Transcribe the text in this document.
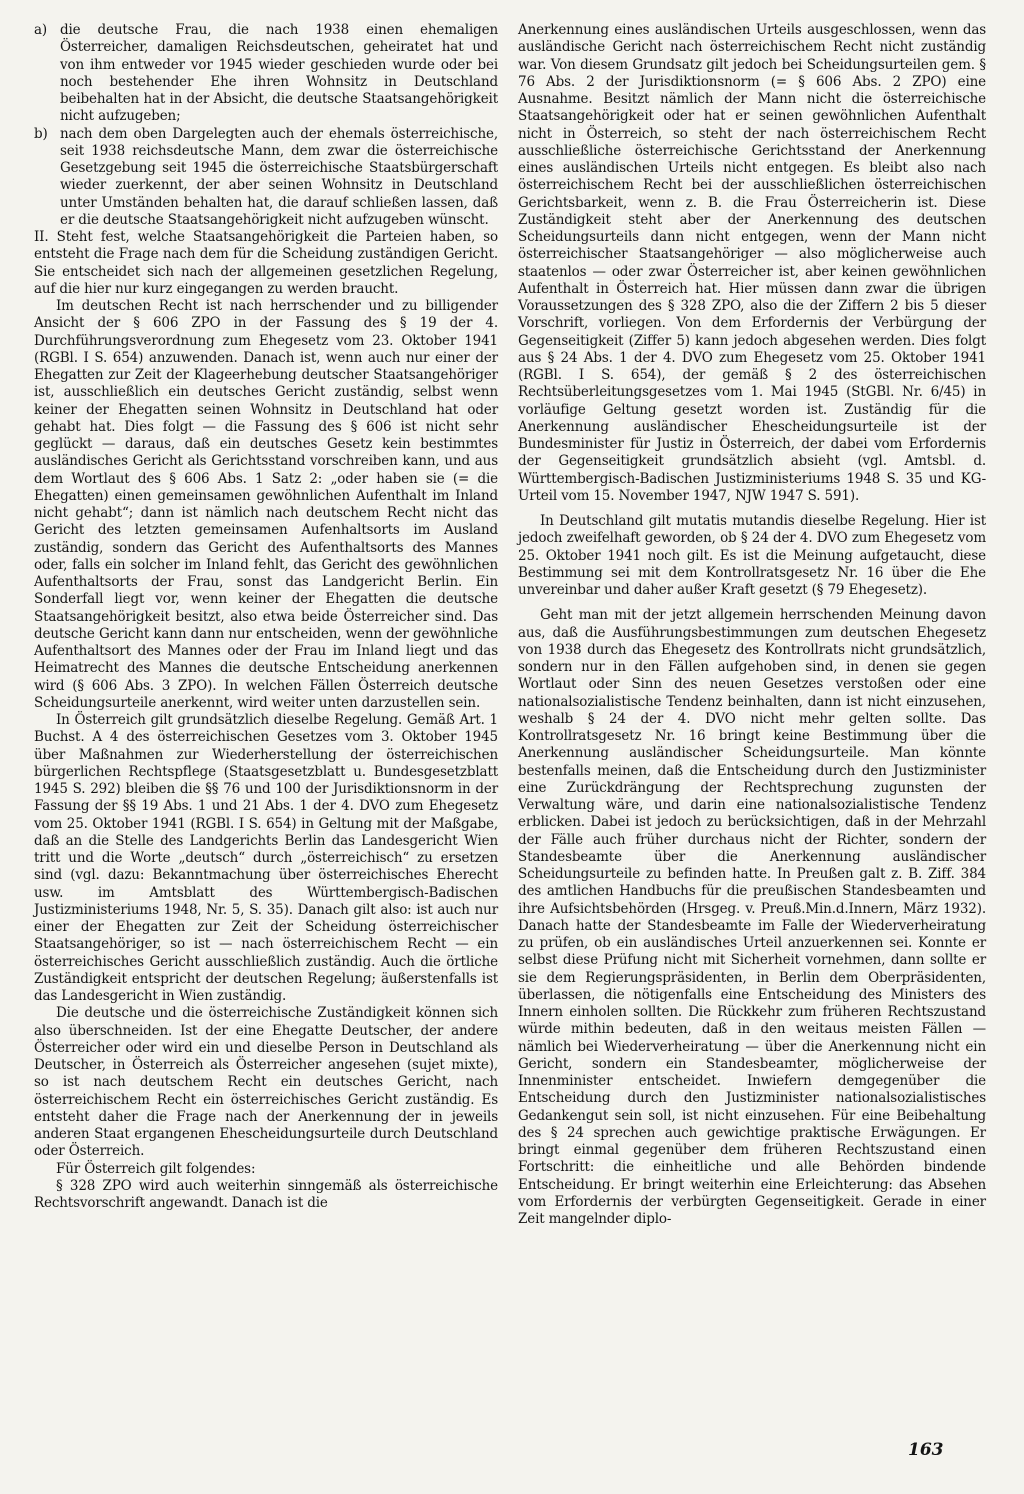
a) die deutsche Frau, die nach 1938 einen ehemaligen Österreicher, damaligen Reichsdeutschen, geheiratet hat und von ihm entweder vor 1945 wieder geschieden wurde oder bei noch bestehender Ehe ihren Wohnsitz in Deutschland beibehalten hat in der Absicht, die deutsche Staatsangehörigkeit nicht aufzugeben;
b) nach dem oben Dargelegten auch der ehemals österreichische, seit 1938 reichsdeutsche Mann, dem zwar die österreichische Gesetzgebung seit 1945 die österreichische Staatsbürgerschaft wieder zuerkennt, der aber seinen Wohnsitz in Deutschland unter Umständen behalten hat, die darauf schließen lassen, daß er die deutsche Staatsangehörigkeit nicht aufzugeben wünscht.

II. Steht fest, welche Staatsangehörigkeit die Parteien haben, so entsteht die Frage nach dem für die Scheidung zuständigen Gericht. Sie entscheidet sich nach der allgemeinen gesetzlichen Regelung, auf die hier nur kurz eingegangen zu werden braucht.

Im deutschen Recht ist nach herrschender und zu billigender Ansicht der § 606 ZPO in der Fassung des § 19 der 4. Durchführungsverordnung zum Ehegesetz vom 23. Oktober 1941 (RGBl. I S. 654) anzuwenden. Danach ist, wenn auch nur einer der Ehegatten zur Zeit der Klageerhebung deutscher Staatsangehöriger ist, ausschließlich ein deutsches Gericht zuständig, selbst wenn keiner der Ehegatten seinen Wohnsitz in Deutschland hat oder gehabt hat. Dies folgt — die Fassung des § 606 ist nicht sehr geglückt — daraus, daß ein deutsches Gesetz kein bestimmtes ausländisches Gericht als Gerichtsstand vorschreiben kann, und aus dem Wortlaut des § 606 Abs. 1 Satz 2: „oder haben sie (= die Ehegatten) einen gemeinsamen gewöhnlichen Aufenthalt im Inland nicht gehabt“; dann ist nämlich nach deutschem Recht nicht das Gericht des letzten gemeinsamen Aufenhaltsorts im Ausland zuständig, sondern das Gericht des Aufenthaltsorts des Mannes oder, falls ein solcher im Inland fehlt, das Gericht des gewöhnlichen Aufenthaltsorts der Frau, sonst das Landgericht Berlin. Ein Sonderfall liegt vor, wenn keiner der Ehegatten die deutsche Staatsangehörigkeit besitzt, also etwa beide Österreicher sind. Das deutsche Gericht kann dann nur entscheiden, wenn der gewöhnliche Aufenthaltsort des Mannes oder der Frau im Inland liegt und das Heimatrecht des Mannes die deutsche Entscheidung anerkennen wird (§ 606 Abs. 3 ZPO). In welchen Fällen Österreich deutsche Scheidungsurteile anerkennt, wird weiter unten darzustellen sein.

In Österreich gilt grundsätzlich dieselbe Regelung. Gemäß Art. 1 Buchst. A 4 des österreichischen Gesetzes vom 3. Oktober 1945 über Maßnahmen zur Wiederherstellung der österreichischen bürgerlichen Rechtspflege (Staatsgesetzblatt u. Bundesgesetzblatt 1945 S. 292) bleiben die §§ 76 und 100 der Jurisdiktionsnorm in der Fassung der §§ 19 Abs. 1 und 21 Abs. 1 der 4. DVO zum Ehegesetz vom 25. Oktober 1941 (RGBl. I S. 654) in Geltung mit der Maßgabe, daß an die Stelle des Landgerichts Berlin das Landesgericht Wien tritt und die Worte „deutsch“ durch „österreichisch“ zu ersetzen sind (vgl. dazu: Bekanntmachung über österreichisches Eherecht usw. im Amtsblatt des Württembergisch-Badischen Justizministeriums 1948, Nr. 5, S. 35). Danach gilt also: ist auch nur einer der Ehegatten zur Zeit der Scheidung österreichischer Staatsangehöriger, so ist — nach österreichischem Recht — ein österreichisches Gericht ausschließlich zuständig. Auch die örtliche Zuständigkeit entspricht der deutschen Regelung; äußerstenfalls ist das Landesgericht in Wien zuständig.

Die deutsche und die österreichische Zuständigkeit können sich also überschneiden. Ist der eine Ehegatte Deutscher, der andere Österreicher oder wird ein und dieselbe Person in Deutschland als Deutscher, in Österreich als Österreicher angesehen (sujet mixte), so ist nach deutschem Recht ein deutsches Gericht, nach österreichischem Recht ein österreichisches Gericht zuständig. Es entsteht daher die Frage nach der Anerkennung der in jeweils anderen Staat ergangenen Ehescheidungsurteile durch Deutschland oder Österreich.

Für Österreich gilt folgendes:

§ 328 ZPO wird auch weiterhin sinngemäß als österreichische Rechtsvorschrift angewandt. Danach ist die

Anerkennung eines ausländischen Urteils ausgeschlossen, wenn das ausländische Gericht nach österreichischem Recht nicht zuständig war. Von diesem Grundsatz gilt jedoch bei Scheidungsurteilen gem. § 76 Abs. 2 der Jurisdiktionsnorm (= § 606 Abs. 2 ZPO) eine Ausnahme. Besitzt nämlich der Mann nicht die österreichische Staatsangehörigkeit oder hat er seinen gewöhnlichen Aufenthalt nicht in Österreich, so steht der nach österreichischem Recht ausschließliche österreichische Gerichtsstand der Anerkennung eines ausländischen Urteils nicht entgegen. Es bleibt also nach österreichischem Recht bei der ausschließlichen österreichischen Gerichtsbarkeit, wenn z. B. die Frau Österreicherin ist. Diese Zuständigkeit steht aber der Anerkennung des deutschen Scheidungsurteils dann nicht entgegen, wenn der Mann nicht österreichischer Staatsangehöriger — also möglicherweise auch staatenlos — oder zwar Österreicher ist, aber keinen gewöhnlichen Aufenthalt in Österreich hat. Hier müssen dann zwar die übrigen Voraussetzungen des § 328 ZPO, also die der Ziffern 2 bis 5 dieser Vorschrift, vorliegen. Von dem Erfordernis der Verbürgung der Gegenseitigkeit (Ziffer 5) kann jedoch abgesehen werden. Dies folgt aus § 24 Abs. 1 der 4. DVO zum Ehegesetz vom 25. Oktober 1941 (RGBl. I S. 654), der gemäß § 2 des österreichischen Rechtsüberleitungsgesetzes vom 1. Mai 1945 (StGBl. Nr. 6/45) in vorläufige Geltung gesetzt worden ist. Zuständig für die Anerkennung ausländischer Ehescheidungsurteile ist der Bundesminister für Justiz in Österreich, der dabei vom Erfordernis der Gegenseitigkeit grundsätzlich absieht (vgl. Amtsbl. d. Württembergisch-Badischen Justizministeriums 1948 S. 35 und KG-Urteil vom 15. November 1947, NJW 1947 S. 591).

In Deutschland gilt mutatis mutandis dieselbe Regelung. Hier ist jedoch zweifelhaft geworden, ob § 24 der 4. DVO zum Ehegesetz vom 25. Oktober 1941 noch gilt. Es ist die Meinung aufgetaucht, diese Bestimmung sei mit dem Kontrollratsgesetz Nr. 16 über die Ehe unvereinbar und daher außer Kraft gesetzt (§ 79 Ehegesetz).

Geht man mit der jetzt allgemein herrschenden Meinung davon aus, daß die Ausführungsbestimmungen zum deutschen Ehegesetz von 1938 durch das Ehegesetz des Kontrollrats nicht grundsätzlich, sondern nur in den Fällen aufgehoben sind, in denen sie gegen Wortlaut oder Sinn des neuen Gesetzes verstoßen oder eine nationalsozialistische Tendenz beinhalten, dann ist nicht einzusehen, weshalb § 24 der 4. DVO nicht mehr gelten sollte. Das Kontrollratsgesetz Nr. 16 bringt keine Bestimmung über die Anerkennung ausländischer Scheidungsurteile. Man könnte bestenfalls meinen, daß die Entscheidung durch den Justizminister eine Zurückdrängung der Rechtsprechung zugunsten der Verwaltung wäre, und darin eine nationalsozialistische Tendenz erblicken. Dabei ist jedoch zu berücksichtigen, daß in der Mehrzahl der Fälle auch früher durchaus nicht der Richter, sondern der Standesbeamte über die Anerkennung ausländischer Scheidungsurteile zu befinden hatte. In Preußen galt z. B. Ziff. 384 des amtlichen Handbuchs für die preußischen Standesbeamten und ihre Aufsichtsbehörden (Hrsgeg. v. Preuß.Min.d.Innern, März 1932). Danach hatte der Standesbeamte im Falle der Wiederverheiratung zu prüfen, ob ein ausländisches Urteil anzuerkennen sei. Konnte er selbst diese Prüfung nicht mit Sicherheit vornehmen, dann sollte er sie dem Regierungspräsidenten, in Berlin dem Oberpräsidenten, überlassen, die nötigenfalls eine Entscheidung des Ministers des Innern einholen sollten. Die Rückkehr zum früheren Rechtszustand würde mithin bedeuten, daß in den weitaus meisten Fällen — nämlich bei Wiederverheiratung — über die Anerkennung nicht ein Gericht, sondern ein Standesbeamter, möglicherweise der Innenminister entscheidet. Inwiefern demgegenüber die Entscheidung durch den Justizminister nationalsozialistisches Gedankengut sein soll, ist nicht einzusehen. Für eine Beibehaltung des § 24 sprechen auch gewichtige praktische Erwägungen. Er bringt einmal gegenüber dem früheren Rechtszustand einen Fortschritt: die einheitliche und alle Behörden bindende Entscheidung. Er bringt weiterhin eine Erleichterung: das Absehen vom Erfordernis der verbürgten Gegenseitigkeit. Gerade in einer Zeit mangelnder diplo-

163
